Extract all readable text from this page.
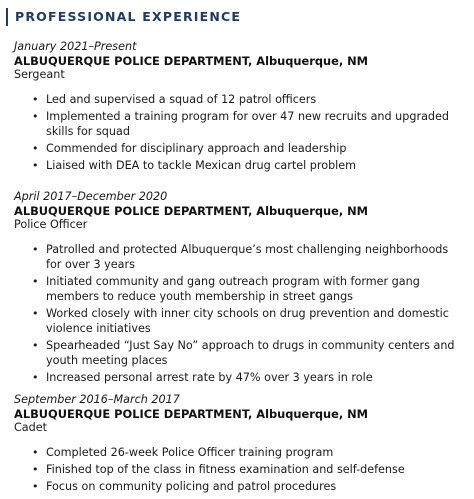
PROFESSIONAL EXPERIENCE
January 2021–Present
ALBUQUERQUE POLICE DEPARTMENT, Albuquerque, NM
Sergeant
• Led and supervised a squad of 12 patrol officers
• Implemented a training program for over 47 new recruits and upgraded skills for squad
• Commended for disciplinary approach and leadership
• Liaised with DEA to tackle Mexican drug cartel problem
April 2017–December 2020
ALBUQUERQUE POLICE DEPARTMENT, Albuquerque, NM
Police Officer
• Patrolled and protected Albuquerque’s most challenging neighborhoods for over 3 years
• Initiated community and gang outreach program with former gang members to reduce youth membership in street gangs
• Worked closely with inner city schools on drug prevention and domestic violence initiatives
• Spearheaded “Just Say No” approach to drugs in community centers and youth meeting places
• Increased personal arrest rate by 47% over 3 years in role
September 2016–March 2017
ALBUQUERQUE POLICE DEPARTMENT, Albuquerque, NM
Cadet
• Completed 26-week Police Officer training program
• Finished top of the class in fitness examination and self-defense
• Focus on community policing and patrol procedures
